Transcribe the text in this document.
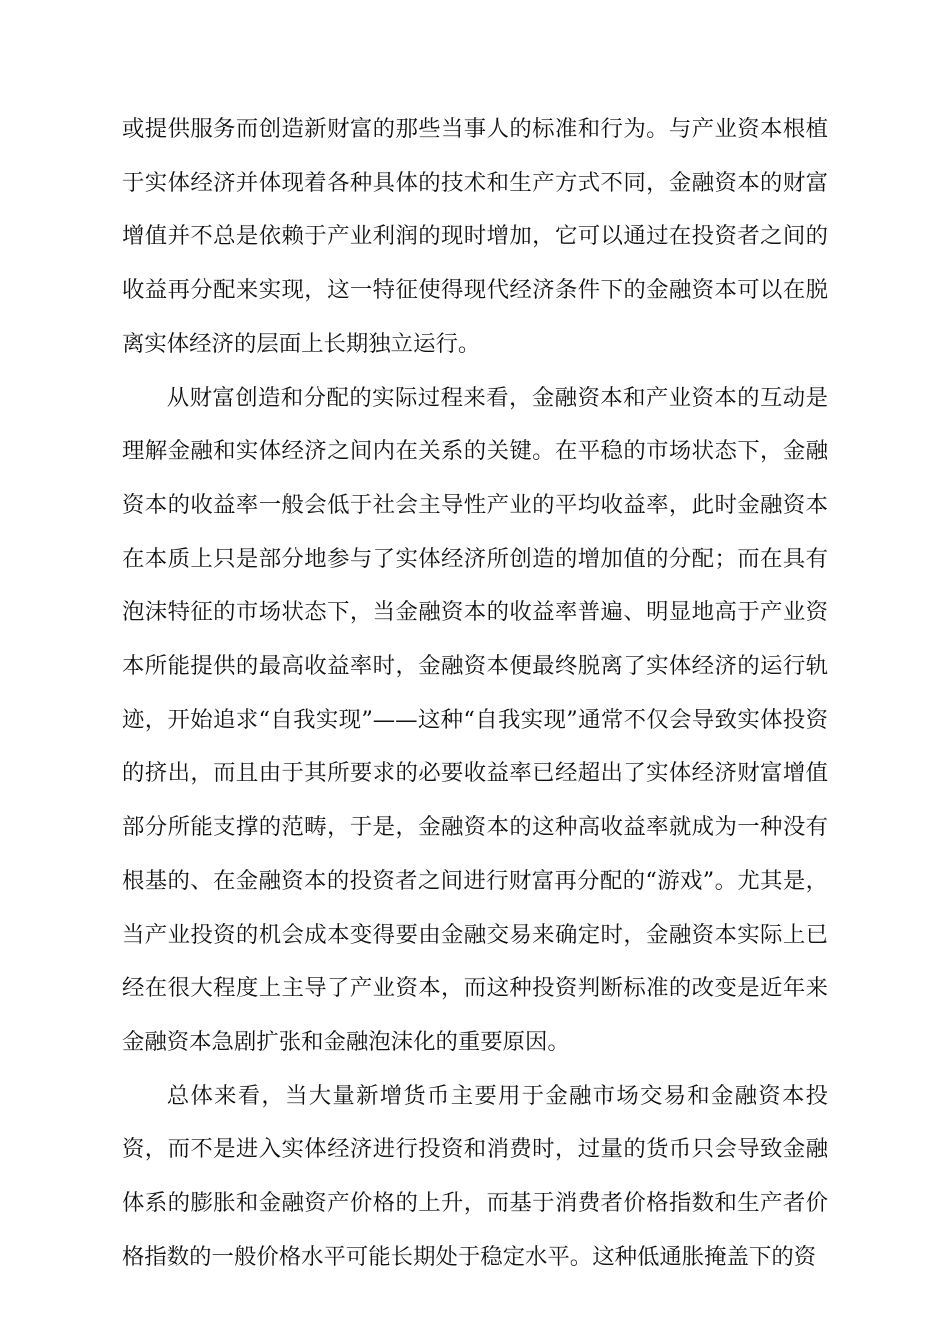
或提供服务而创造新财富的那些当事人的标准和行为。与产业资本根植于实体经济并体现着各种具体的技术和生产方式不同，金融资本的财富增值并不总是依赖于产业利润的现时增加，它可以通过在投资者之间的收益再分配来实现，这一特征使得现代经济条件下的金融资本可以在脱离实体经济的层面上长期独立运行。

从财富创造和分配的实际过程来看，金融资本和产业资本的互动是理解金融和实体经济之间内在关系的关键。在平稳的市场状态下，金融资本的收益率一般会低于社会主导性产业的平均收益率，此时金融资本在本质上只是部分地参与了实体经济所创造的增加值的分配；而在具有泡沫特征的市场状态下，当金融资本的收益率普遍、明显地高于产业资本所能提供的最高收益率时，金融资本便最终脱离了实体经济的运行轨迹，开始追求“自我实现”——这种“自我实现”通常不仅会导致实体投资的挤出，而且由于其所要求的必要收益率已经超出了实体经济财富增值部分所能支撑的范畴，于是，金融资本的这种高收益率就成为一种没有根基的、在金融资本的投资者之间进行财富再分配的“游戏”。尤其是，当产业投资的机会成本变得要由金融交易来确定时，金融资本实际上已经在很大程度上主导了产业资本，而这种投资判断标准的改变是近年来金融资本急剧扩张和金融泡沫化的重要原因。

总体来看，当大量新增货币主要用于金融市场交易和金融资本投资，而不是进入实体经济进行投资和消费时，过量的货币只会导致金融体系的膨胀和金融资产价格的上升，而基于消费者价格指数和生产者价格指数的一般价格水平可能长期处于稳定水平。这种低通胀掩盖下的资
